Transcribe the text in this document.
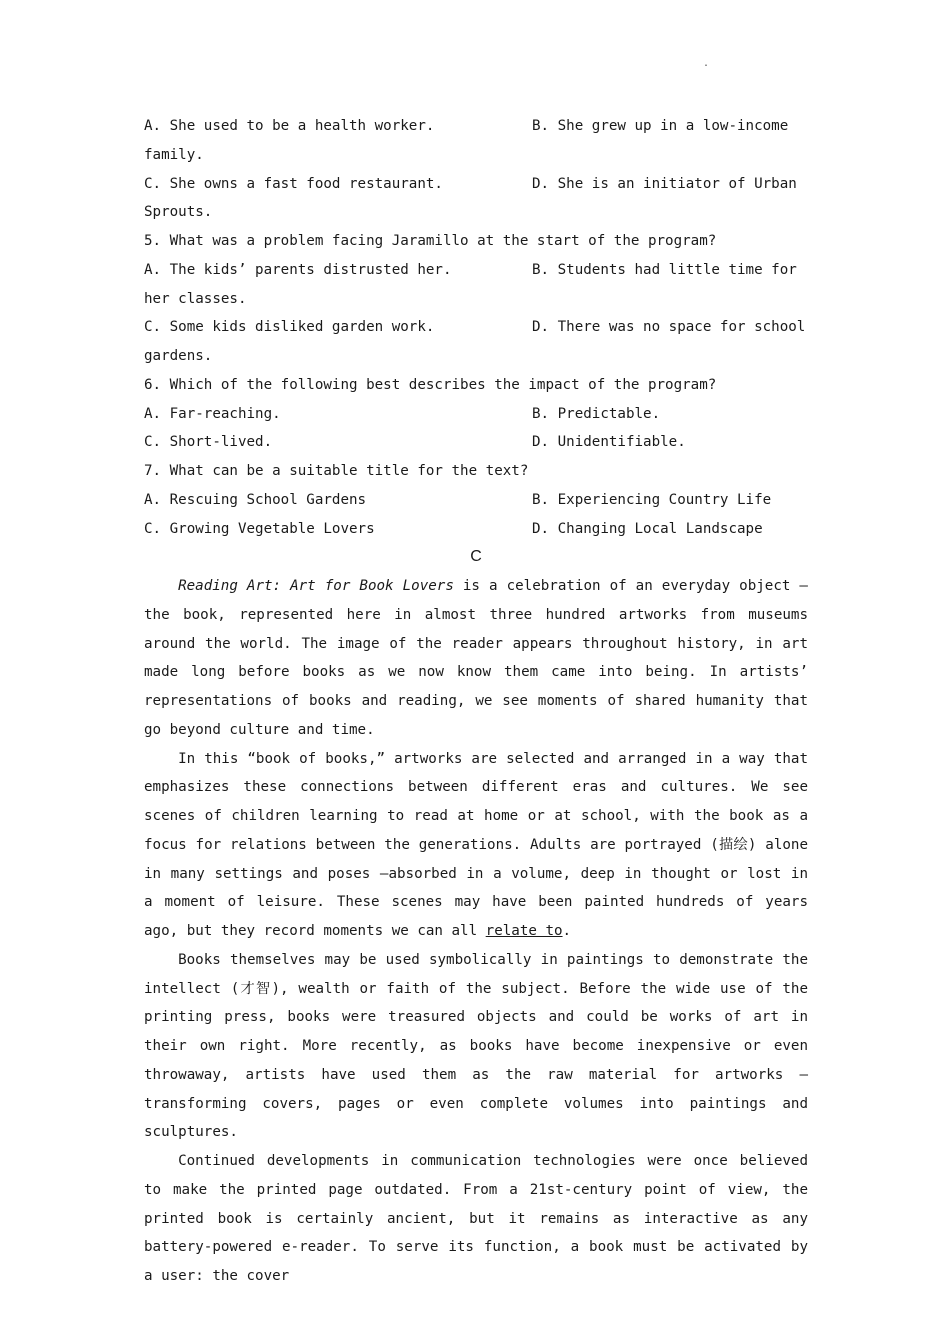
.
A. She used to be a health worker.	B. She grew up in a low-income
family.
C. She owns a fast food restaurant.	D. She is an initiator of Urban
Sprouts.
5. What was a problem facing Jaramillo at the start of the program?
A. The kids’ parents distrusted her.	B. Students had little time for
her classes.
C. Some kids disliked garden work.	D. There was no space for school
gardens.
6. Which of the following best describes the impact of the program?
A. Far-reaching.	B. Predictable.
C. Short-lived.	D. Unidentifiable.
7. What can be a suitable title for the text?
A. Rescuing School Gardens	B. Experiencing Country Life
C. Growing Vegetable Lovers	D. Changing Local Landscape
C

Reading Art: Art for Book Lovers is a celebration of an everyday object — the book, represented here in almost three hundred artworks from museums around the world. The image of the reader appears throughout history, in art made long before books as we now know them came into being. In artists’ representations of books and reading, we see moments of shared humanity that go beyond culture and time.

In this “book of books,” artworks are selected and arranged in a way that emphasizes these connections between different eras and cultures. We see scenes of children learning to read at home or at school, with the book as a focus for relations between the generations. Adults are portrayed (描绘) alone in many settings and poses —absorbed in a volume, deep in thought or lost in a moment of leisure. These scenes may have been painted hundreds of years ago, but they record moments we can all relate to.

Books themselves may be used symbolically in paintings to demonstrate the intellect (才智), wealth or faith of the subject. Before the wide use of the printing press, books were treasured objects and could be works of art in their own right. More recently, as books have become inexpensive or even throwaway, artists have used them as the raw material for artworks — transforming covers, pages or even complete volumes into paintings and sculptures.

Continued developments in communication technologies were once believed to make the printed page outdated. From a 21st-century point of view, the printed book is certainly ancient, but it remains as interactive as any battery-powered e-reader. To serve its function, a book must be activated by a user: the cover
